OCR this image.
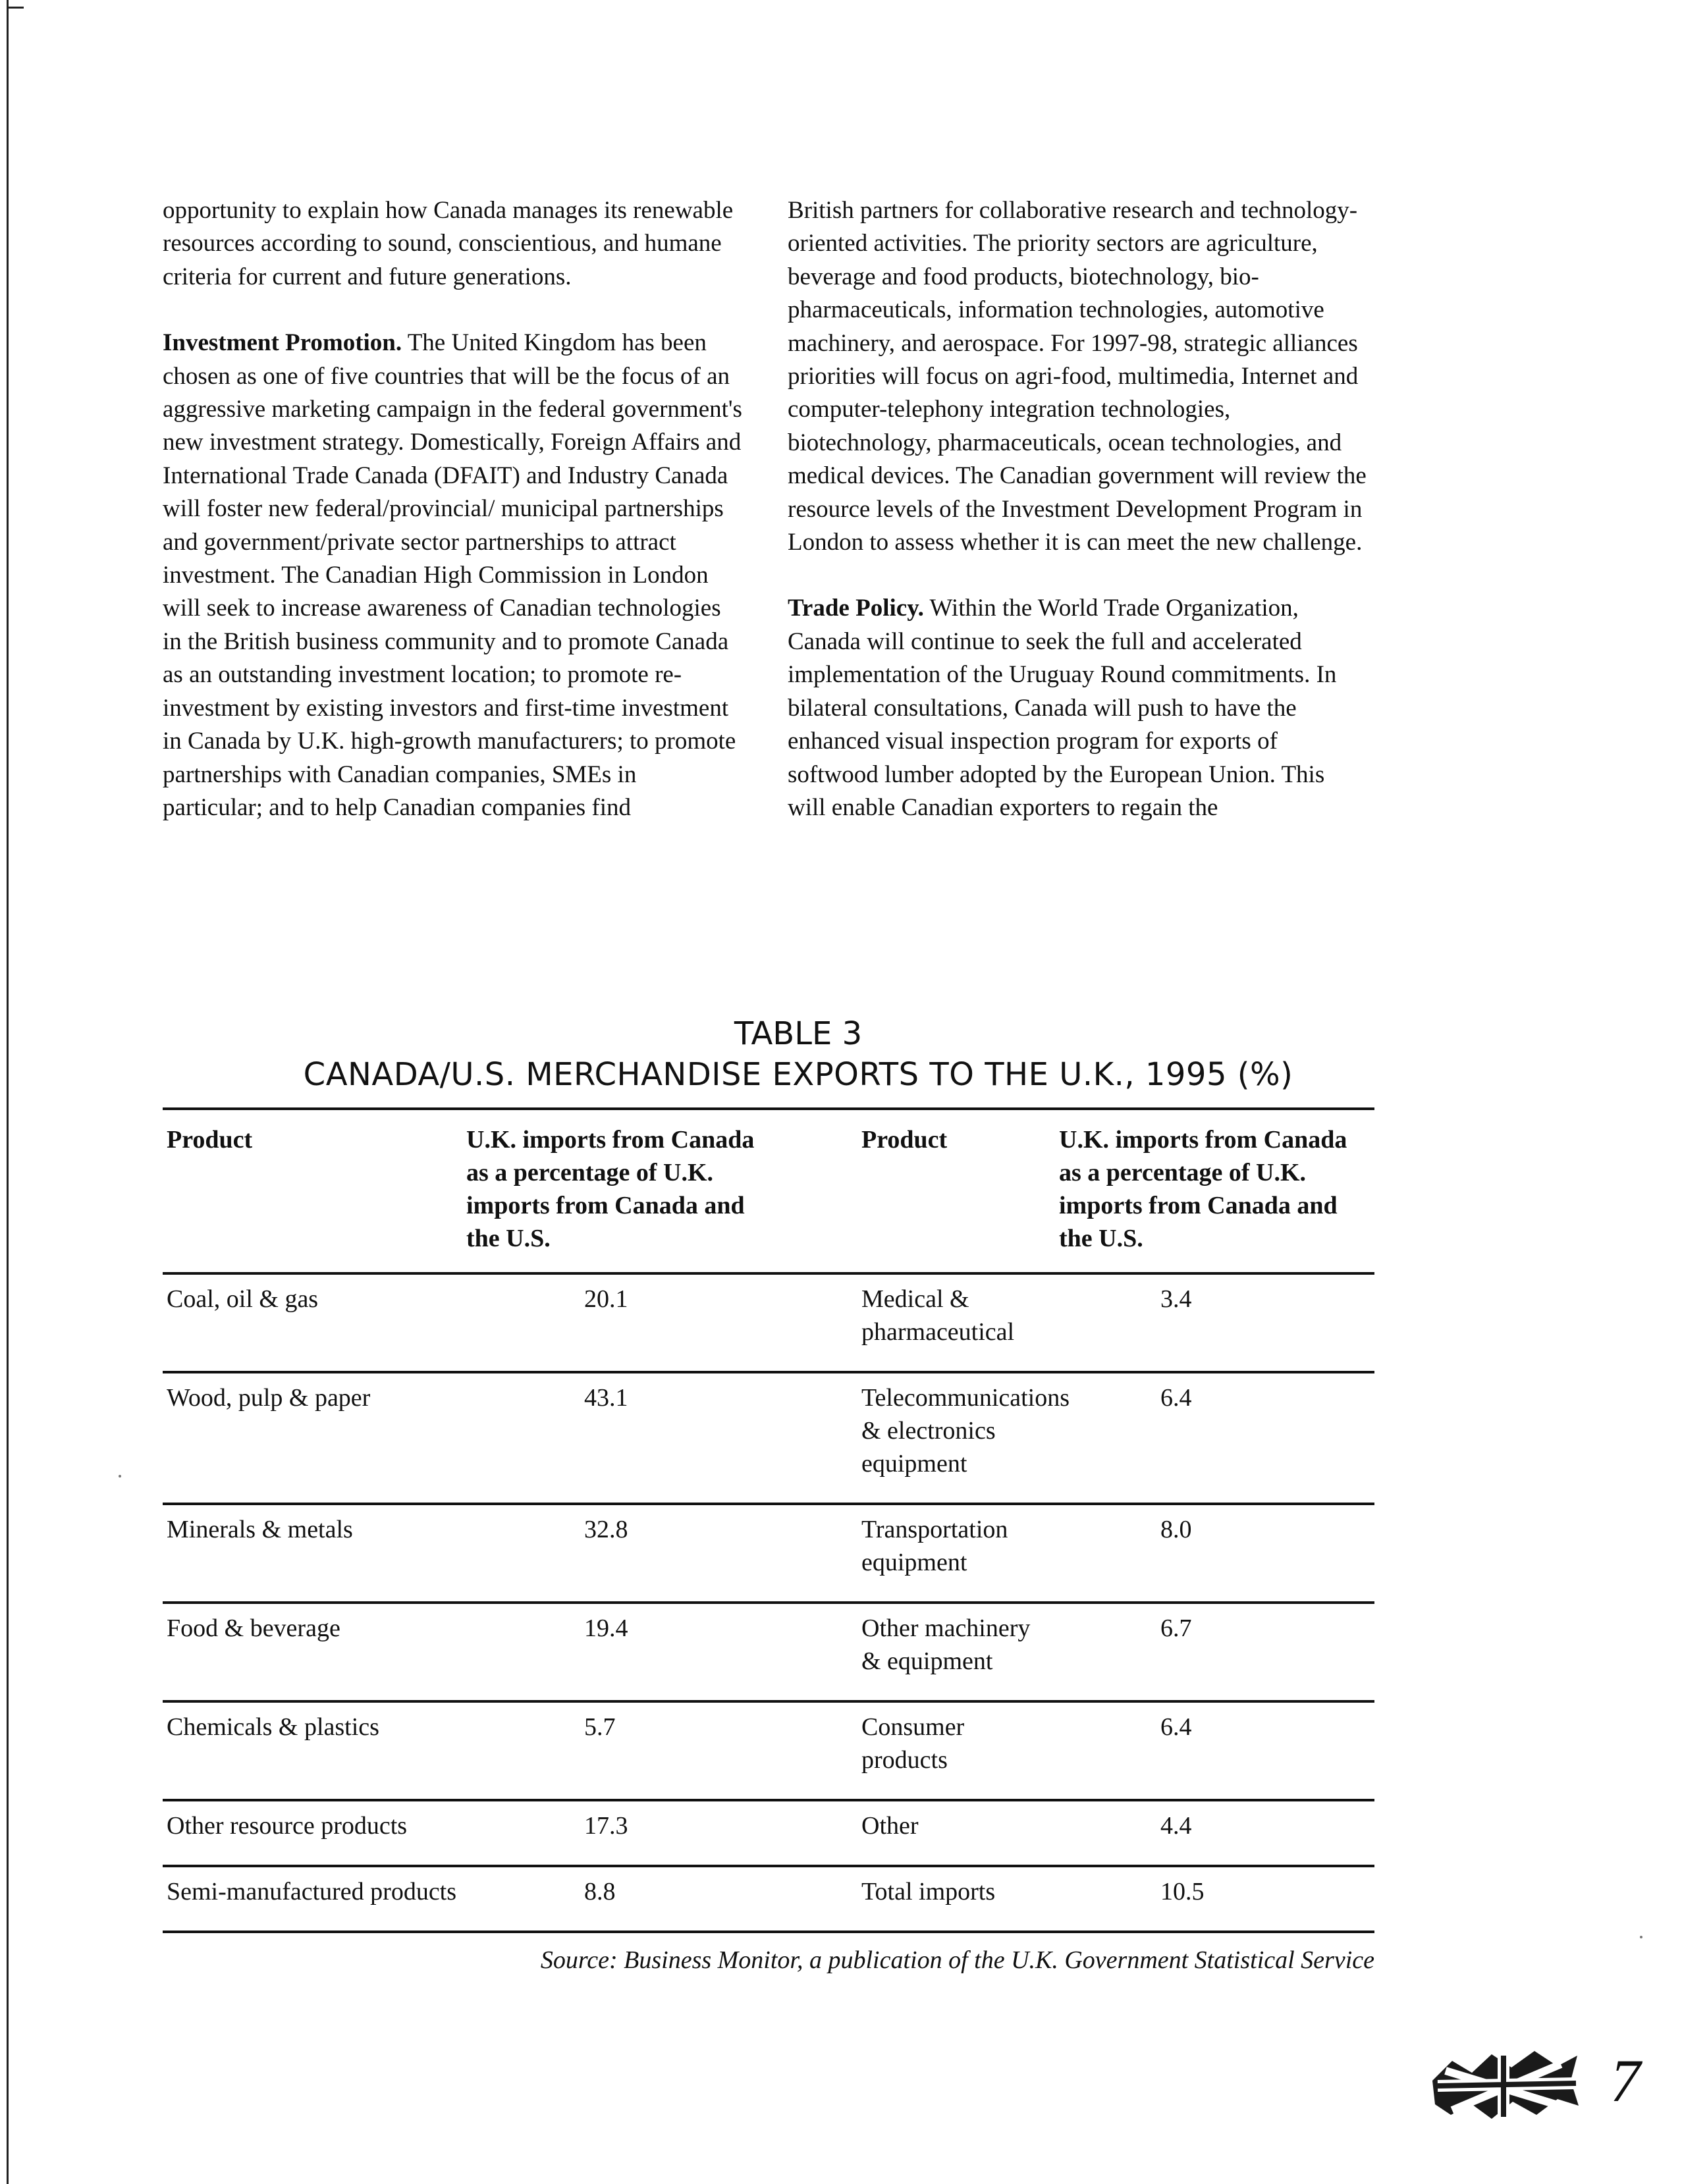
opportunity to explain how Canada manages its renewable resources according to sound, conscientious, and humane criteria for current and future generations.

Investment Promotion. The United Kingdom has been chosen as one of five countries that will be the focus of an aggressive marketing campaign in the federal government's new investment strategy. Domestically, Foreign Affairs and International Trade Canada (DFAIT) and Industry Canada will foster new federal/provincial/ municipal partnerships and government/private sector partnerships to attract investment. The Canadian High Commission in London will seek to increase awareness of Canadian technologies in the British business community and to promote Canada as an outstanding investment location; to promote re-investment by existing investors and first-time investment in Canada by U.K. high-growth manufacturers; to promote partnerships with Canadian companies, SMEs in particular; and to help Canadian companies find

British partners for collaborative research and technology-oriented activities. The priority sectors are agriculture, beverage and food products, biotechnology, bio-pharmaceuticals, information technologies, automotive machinery, and aerospace. For 1997-98, strategic alliances priorities will focus on agri-food, multimedia, Internet and computer-telephony integration technologies, biotechnology, pharmaceuticals, ocean technologies, and medical devices. The Canadian government will review the resource levels of the Investment Development Program in London to assess whether it is can meet the new challenge.

Trade Policy. Within the World Trade Organization, Canada will continue to seek the full and accelerated implementation of the Uruguay Round commitments. In bilateral consultations, Canada will push to have the enhanced visual inspection program for exports of softwood lumber adopted by the European Union. This will enable Canadian exporters to regain the

TABLE 3
CANADA/U.S. MERCHANDISE EXPORTS TO THE U.K., 1995 (%)
Product	U.K. imports from Canada as a percentage of U.K. imports from Canada and the U.S.	Product	U.K. imports from Canada as a percentage of U.K. imports from Canada and the U.S.
Coal, oil & gas	20.1	Medical & pharmaceutical	3.4
Wood, pulp & paper	43.1	Telecommunications & electronics equipment	6.4
Minerals & metals	32.8	Transportation equipment	8.0
Food & beverage	19.4	Other machinery & equipment	6.7
Chemicals & plastics	5.7	Consumer products	6.4
Other resource products	17.3	Other	4.4
Semi-manufactured products	8.8	Total imports	10.5
Source: Business Monitor, a publication of the U.K. Government Statistical Service
7
